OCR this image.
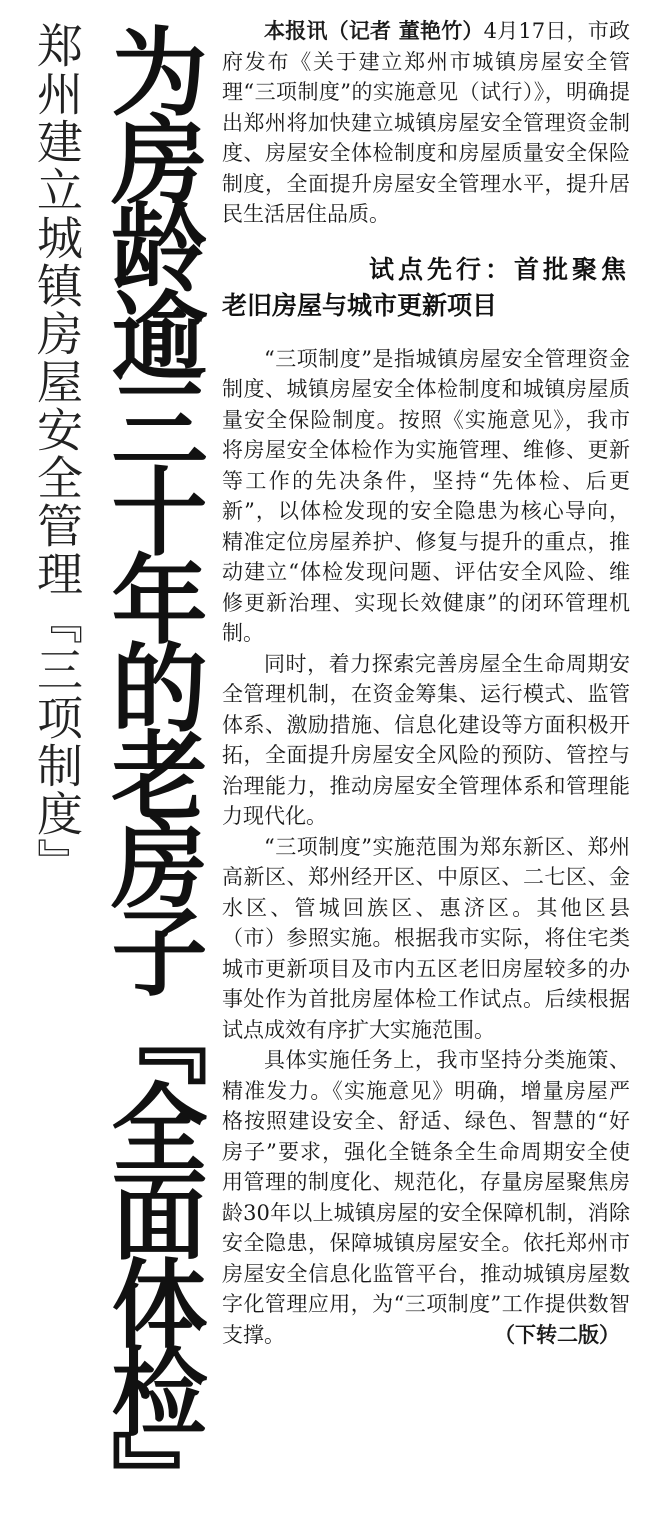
郑州建立城镇房屋安全管理『三项制度』 为房龄逾三十年的老房子『全面体检』	本报讯（记者 董艳竹）4月17日，市政府发布《关于建立郑州市城镇房屋安全管理“三项制度”的实施意见（试行）》，明确提出郑州将加快建立城镇房屋安全管理资金制度、房屋安全体检制度和房屋质量安全保险制度，全面提升房屋安全管理水平，提升居民生活居住品质。

试点先行：首批聚焦
老旧房屋与城市更新项目

“三项制度”是指城镇房屋安全管理资金制度、城镇房屋安全体检制度和城镇房屋质量安全保险制度。按照《实施意见》，我市将房屋安全体检作为实施管理、维修、更新等工作的先决条件，坚持“先体检、后更新”，以体检发现的安全隐患为核心导向，精准定位房屋养护、修复与提升的重点，推动建立“体检发现问题、评估安全风险、维修更新治理、实现长效健康”的闭环管理机制。

同时，着力探索完善房屋全生命周期安全管理机制，在资金筹集、运行模式、监管体系、激励措施、信息化建设等方面积极开拓，全面提升房屋安全风险的预防、管控与治理能力，推动房屋安全管理体系和管理能力现代化。

“三项制度”实施范围为郑东新区、郑州高新区、郑州经开区、中原区、二七区、金水区、管城回族区、惠济区。其他区县（市）参照实施。根据我市实际，将住宅类城市更新项目及市内五区老旧房屋较多的办事处作为首批房屋体检工作试点。后续根据试点成效有序扩大实施范围。

具体实施任务上，我市坚持分类施策、精准发力。《实施意见》明确，增量房屋严格按照建设安全、舒适、绿色、智慧的“好房子”要求，强化全链条全生命周期安全使用管理的制度化、规范化，存量房屋聚焦房龄30年以上城镇房屋的安全保障机制，消除安全隐患，保障城镇房屋安全。依托郑州市房屋安全信息化监管平台，推动城镇房屋数字化管理应用，为“三项制度”工作提供数智支撑。	（下转二版）
